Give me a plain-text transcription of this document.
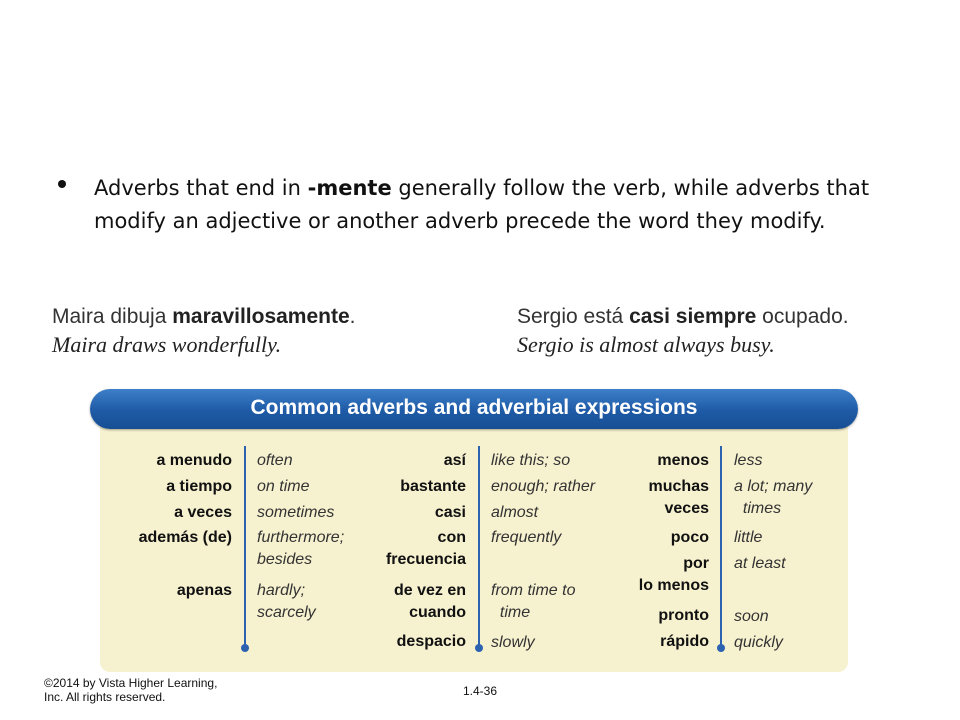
Adverbs that end in -mente generally follow the verb, while adverbs that modify an adjective or another adverb precede the word they modify.
Maira dibuja maravillosamente.
Maira draws wonderfully.
Sergio está casi siempre ocupado.
Sergio is almost always busy.
Common adverbs and adverbial expressions
a menudo often
a tiempo on time
a veces sometimes
además (de) furthermore;
besides
apenas hardly;
scarcely
así like this; so
bastante enough; rather
casi almost
con
frecuencia
frequently
de vez en
cuando
from time to
time
despacio slowly
menos less
muchas
veces
a lot; many
times
poco little
por
lo menos
at least
pronto soon
rápido quickly
©2014 by Vista Higher Learning,
Inc. All rights reserved.	1.4-36
